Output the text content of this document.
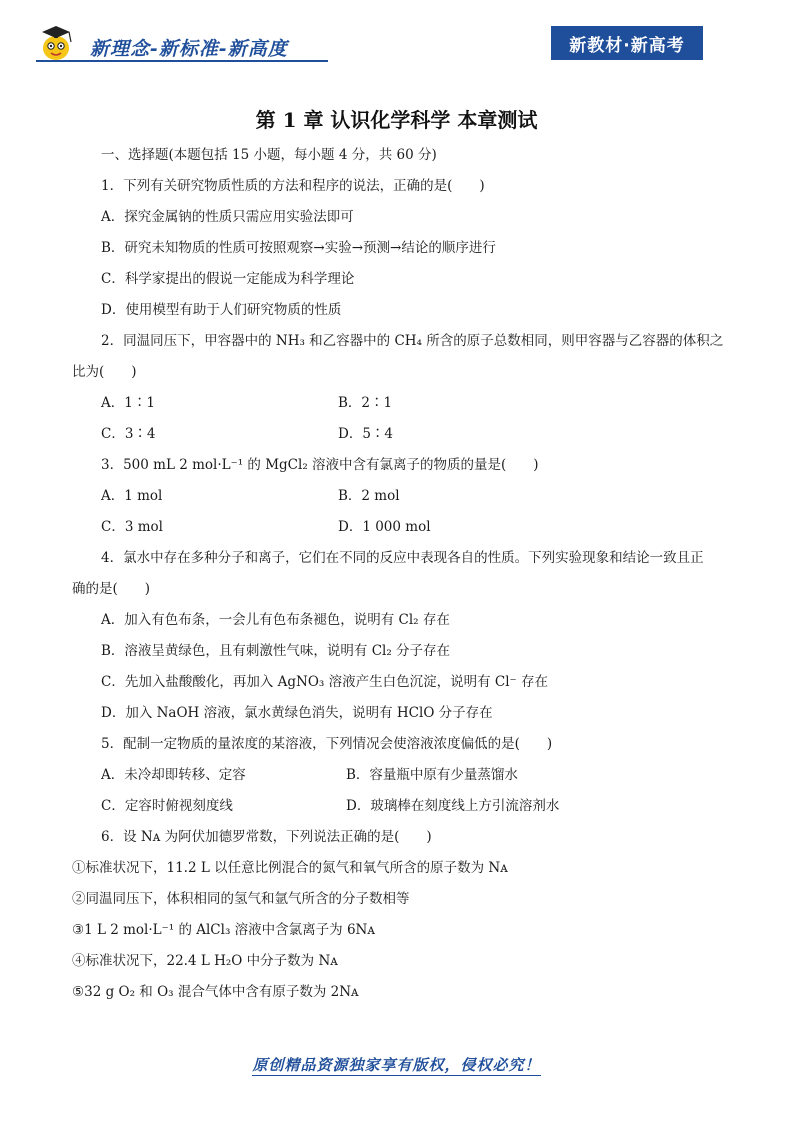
新理念-新标准-新高度	新教材·新高考
第 1 章 认识化学科学 本章测试
一、选择题(本题包括 15 小题，每小题 4 分，共 60 分)
1．下列有关研究物质性质的方法和程序的说法，正确的是(　　)
A．探究金属钠的性质只需应用实验法即可
B．研究未知物质的性质可按照观察→实验→预测→结论的顺序进行
C．科学家提出的假说一定能成为科学理论
D．使用模型有助于人们研究物质的性质
2．同温同压下，甲容器中的 NH₃ 和乙容器中的 CH₄ 所含的原子总数相同，则甲容器与乙容器的体积之
比为(　　)
A．1∶1	B．2∶1
C．3∶4	D．5∶4
3．500 mL 2 mol·L⁻¹ 的 MgCl₂ 溶液中含有氯离子的物质的量是(　　)
A．1 mol	B．2 mol
C．3 mol	D．1 000 mol
4．氯水中存在多种分子和离子，它们在不同的反应中表现各自的性质。下列实验现象和结论一致且正
确的是(　　)
A．加入有色布条，一会儿有色布条褪色，说明有 Cl₂ 存在
B．溶液呈黄绿色，且有刺激性气味，说明有 Cl₂ 分子存在
C．先加入盐酸酸化，再加入 AgNO₃ 溶液产生白色沉淀，说明有 Cl⁻ 存在
D．加入 NaOH 溶液，氯水黄绿色消失，说明有 HClO 分子存在
5．配制一定物质的量浓度的某溶液，下列情况会使溶液浓度偏低的是(　　)
A．未冷却即转移、定容	B．容量瓶中原有少量蒸馏水
C．定容时俯视刻度线	D．玻璃棒在刻度线上方引流溶剂水
6．设 Nᴀ 为阿伏加德罗常数，下列说法正确的是(　　)
①标准状况下，11.2 L 以任意比例混合的氮气和氧气所含的原子数为 Nᴀ
②同温同压下，体积相同的氢气和氩气所含的分子数相等
③1 L 2 mol·L⁻¹ 的 AlCl₃ 溶液中含氯离子为 6Nᴀ
④标准状况下，22.4 L H₂O 中分子数为 Nᴀ
⑤32 g O₂ 和 O₃ 混合气体中含有原子数为 2Nᴀ
原创精品资源独家享有版权，侵权必究！
